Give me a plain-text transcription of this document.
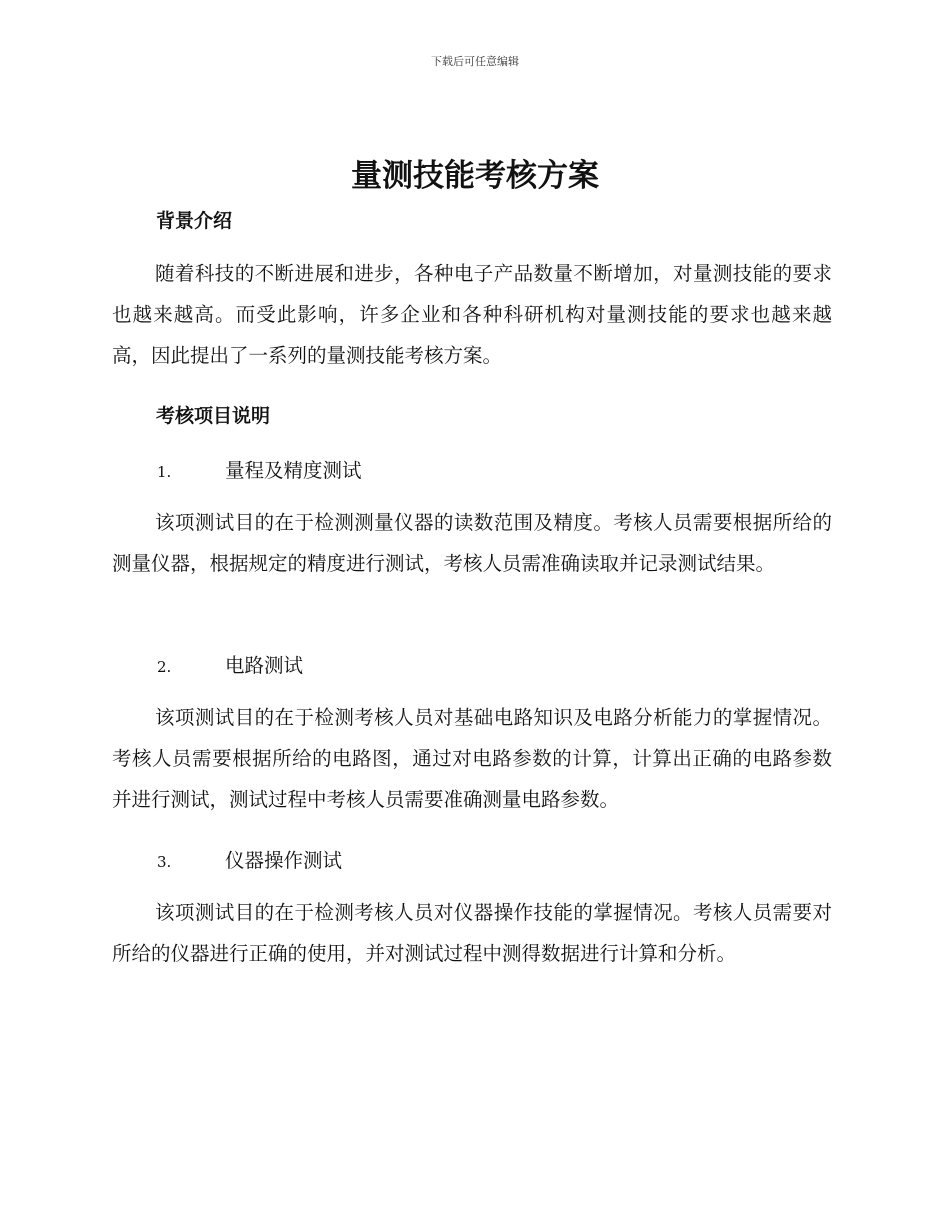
下载后可任意编辑
量测技能考核方案
背景介绍

随着科技的不断进展和进步，各种电子产品数量不断增加，对量测技能的要求也越来越高。而受此影响，许多企业和各种科研机构对量测技能的要求也越来越高，因此提出了一系列的量测技能考核方案。

考核项目说明
1.	量程及精度测试

该项测试目的在于检测测量仪器的读数范围及精度。考核人员需要根据所给的测量仪器，根据规定的精度进行测试，考核人员需准确读取并记录测试结果。

2.	电路测试

该项测试目的在于检测考核人员对基础电路知识及电路分析能力的掌握情况。考核人员需要根据所给的电路图，通过对电路参数的计算，计算出正确的电路参数并进行测试，测试过程中考核人员需要准确测量电路参数。

3.	仪器操作测试

该项测试目的在于检测考核人员对仪器操作技能的掌握情况。考核人员需要对所给的仪器进行正确的使用，并对测试过程中测得数据进行计算和分析。
